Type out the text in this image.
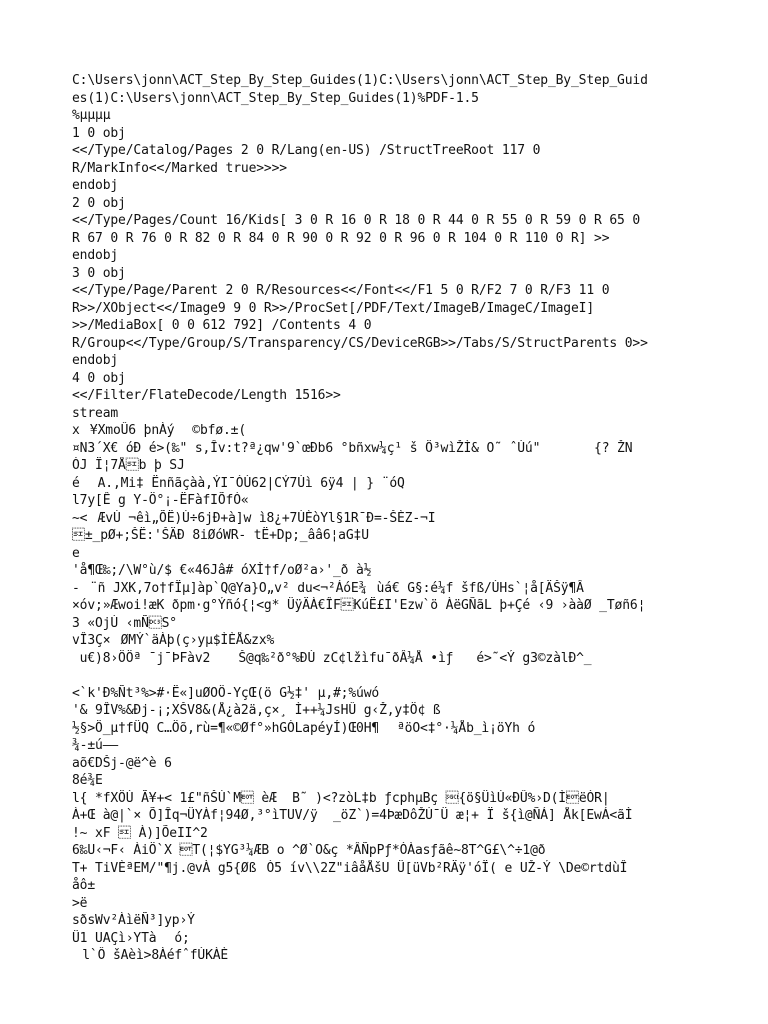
C:\Users\jonn\ACT_Step_By_Step_Guides(1)C:\Users\jonn\ACT_Step_By_Step_Guid
es(1)C:\Users\jonn\ACT_Step_By_Step_Guides(1)%PDF-1.5
%µµµµ
1 0 obj
<</Type/Catalog/Pages 2 0 R/Lang(en-US) /StructTreeRoot 117 0
R/MarkInfo<</Marked true>>>>
endobj
2 0 obj
<</Type/Pages/Count 16/Kids[ 3 0 R 16 0 R 18 0 R 44 0 R 55 0 R 59 0 R 65 0
R 67 0 R 76 0 R 82 0 R 84 0 R 90 0 R 92 0 R 96 0 R 104 0 R 110 0 R] >>
endobj
3 0 obj
<</Type/Page/Parent 2 0 R/Resources<</Font<</F1 5 0 R/F2 7 0 R/F3 11 0
R>>/XObject<</Image9 9 0 R>>/ProcSet[/PDF/Text/ImageB/ImageC/ImageI]
>>/MediaBox[ 0 0 612 792] /Contents 4 0
R/Group<</Type/Group/S/Transparency/CS/DeviceRGB>>/Tabs/S/StructParents 0>>
endobj
4 0 obj
<</Filter/FlateDecode/Length 1516>>
stream
x¥XmoÛ6 þnÀý ©bfø.±(
¤N3´X€ óÐ é>(‰" s,Îv:t?ª¿qw'9`œÐb6 °bñxw¼ç¹ š Ö³wìŽÌ& O˜ ˆÙú"       {? ŽN
ÓJ Ï¦7Åb þ SJ
é A.,Mi‡ Ënñãçàà,ÝI¯ÒÙ62|CÝ7Ùì 6ÿ4 | } ¨óQ
l7y[Ê g Y-Ö°¡-ËFàfIÕfÓ«
~<ÆvÙ ¬êì„ÕË)Ù÷6jÐ+à]w ì8¿+7ÙÈòYl§1R¯Ð=-ŠÈZ-¬I
±_pØ+;ŠË:'ŠÄÐ 8iØóWR- tË+Dp;_ââ6¦aG‡U
e
'å¶Œ‰;/\W°ù/$ €«46Jâ# óXÌ†f/oØ²a›'_ð à½
-¨ñ JXK,7o†fÏµ]àp`Q@Ya}O„v² du<¬²ÁóE¾ùá€ G§:é¼f šfß/ÙHs`¦å[ÄŠÿ¶Â
×óv;»Æwoi!æK ðpm·g°Ýñó{¦<g* ÜÿÄÀ€ÎFKúË£I'Ezw`ö ÀëGÑãL þ+Çé ‹9 ›ààØ _Tøñ6¦
3 «OjÙ ‹mÑS°
vÎ3Ç×ØMÝ`äÀþ(ç›yµ$ÌÈÅ&zx%
u€)8›ÖÖª ¯j¯ÞFàv2 Š@q‰²ð°%ÐÙ zC¢lžìfu¯ðÂ¼Å •ìƒ   é>˜<Ý g3©zàlÐ^_
<`k'Ð%Ñt³%>#·Ë«]uØOÖ-YçŒ(ö G½‡' µ,#;%úwó
'& 9ÎV%&Ðj-¡;XŠV8&(Å¿à2ä,ç×¸ Ì++¼JsHÛ g‹Ž,y‡Ö¢ ß
½§>Ö_µ†fÜQ C…Öõ,rù=¶«©Øf°»hGÒLapéyÍ)Œ0H¶ ªöO<‡°·¼Åb_ì¡öYh ó
¾-±ú––
aõ€DŠj-@ë^è 6
8é¾E
l{ *fXÖÙ Ã¥+< 1£"ñŠÚ`M èÆ  B˜ )<?zòL‡b ƒcphµBç {ö§ÜìÚ«ÐÛ%›D(ÌëÓR|
À+Œ à@|`× Õ]Îq¬ÜYÀf¦94Ø,³°ìTUV/ÿ  _öZ`)=4ÞæDôŽÚ¯Ü æ¦+ Ï š{ì@ÑÁ] Åk[EwÁ<ãÌ
!~ xF  À)]ÕeII^2
6‰U‹¬F‹ ÀiÖ`X T(¦$YG³¼ÆB o ^Ø`O&ç *ÂÑpPƒ*ÒÀasƒãê~8T^G£\^÷1@ð
T+ TiVÈªEM/"¶j.@vÀ g5{ØßÒ5 ív\\2Z"iâåÅšU Ü[üVb²RÄÿ'óÏ( e UŽ-Ý \De©rtdùÎ
åô±
>ë
sðsWv²ÀìëÑ³]yp›Ý
Ü1 UAÇì›YTà ó;
l`Ô šAèì>8ÀéfˆfÚKÀÈ
